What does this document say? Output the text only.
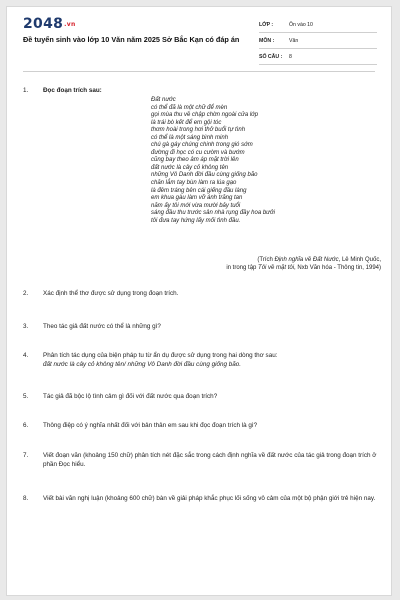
2048.vn
Đề tuyển sinh vào lớp 10 Văn năm 2025 Sở Bắc Kạn có đáp án
LỚP :	Ôn vào 10
MÔN :	Văn
SỐ CÂU :	8
1.	Đọc đoạn trích sau:
Đất nước
có thể đã là một chữ để mèn
gọi mùa thu về chập chờn ngoài cửa lớp
là trái bò kết để em gội tóc
thơm hoài trong hơi thở buổi tự tình
có thể là một sáng bình minh
chú gà gáy chúng chinh trong gió sớm
đường đi học có cu cườm và bướm
cũng bay theo âm áp mặt trời lên
đất nước là cây cỏ không tên
những Vô Danh đời đầu cùng giống bão
chăn lắm tay bùn làm ra lúa gạo
là đêm tráng bên cái giếng đầu làng
em khua gàu làm vỡ ánh trăng tan
năm ấy tôi mới vừa mười bảy tuổi
sáng đầu thu trước sân nhà rụng đầy hoa bưởi
tôi đưa tay hứng lấy mối tình đầu.
(Trích Định nghĩa về Đất Nước, Lê Minh Quốc,
in trong tập Tôi về mặt tôi, Nxb Văn hóa - Thông tin, 1994)
2.	Xác định thể thơ được sử dụng trong đoạn trích.
3.	Theo tác giả đất nước có thể là những gì?
4.	Phân tích tác dụng của biện pháp tu từ ẩn dụ được sử dụng trong hai dòng thơ sau:
đất nước là cây cỏ không tên/ những Vô Danh đời đầu cùng giống bão.
5.	Tác giả đã bộc lộ tình cảm gì đối với đất nước qua đoạn trích?
6.	Thông điệp có ý nghĩa nhất đối với bản thân em sau khi đọc đoạn trích là gì?
7.	Viết đoạn văn (khoảng 150 chữ) phân tích nét đặc sắc trong cách định nghĩa về đất nước của tác giả trong đoạn trích ở phần Đọc hiểu.
8.	Viết bài văn nghị luận (khoảng 600 chữ) bàn về giải pháp khắc phục lối sống vô cảm của một bộ phận giới trẻ hiện nay.
